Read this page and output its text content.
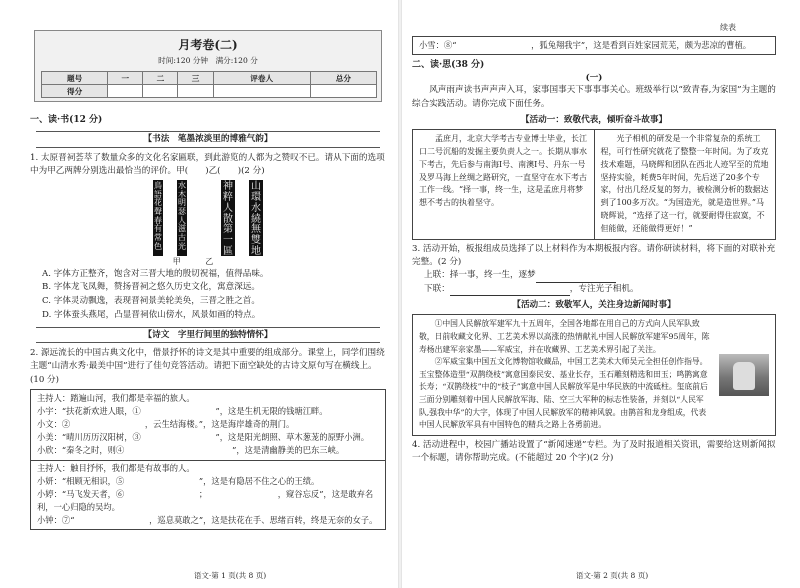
月考卷(二)
时间:120 分钟　满分:120 分
题号	一	二	三	评卷人	总分
得分					
一、读·书(12 分)
【书法　笔墨浓淡里的博雅气韵】
1. 太原晋祠荟萃了数量众多的文化名家匾联，到此游览的人都为之赞叹不已。请从下面的选项中为甲乙两牌分别选出最恰当的评价。甲(　　)乙(　　)(2 分)
鳥語花聲春有常色
水木明瑟人滋古光
神粹人散第一區
山環水繞無雙地
甲	乙
A. 字体方正整齐，饱含对三晋大地的殷切祝福，值得品味。
B. 字体龙飞凤舞，赞扬晋祠之悠久历史文化，寓意深远。
C. 字体灵动飘逸，表现晋祠景美轮美奂，三晋之胜之首。
D. 字体蚕头燕尾，凸显晋祠依山傍水，风景如画的特点。
【诗文　字里行间里的独特情怀】
2. 源远流长的中国古典文化中，借景抒怀的诗文是其中重要的组成部分。课堂上，同学们围绕主题“山清水秀·最美中国”进行了佳句竞答活动。请把下面空缺处的古诗文原句写在横线上。(10 分)
主持人：踏遍山河，我们都是幸福的旅人。
小宇：“扶花新欢进人眼，①　　　　　　　　　”，这是生机无限的钱塘江畔。
小文：②　　　　　　　　　，云生结海楼。”，这是海岸雄奇的荆门。
小美：“晴川历历汉阳树，③　　　　　　　　　”，这是阳光朗照、草木葱茏的原野小洲。
小欣：“秦冬之时，则④　　　　　　　　　　　　　”，这是清幽静美的巴东三峡。
主持人：触目抒怀，我们都是有故事的人。
小妍：“相顾无相识，⑤　　　　　　　　　”，这是有隐居不住之心的王绩。
小婷：“马飞发天者，⑥　　　　　　　　　；　　　　　　　　　，窥谷忘反”，这是敢弃名利，一心归隐的吴均。
小钟：⑦“　　　　　　　　　，巡息莫敢之”，这是扶花在手、思绪百转，终是无奈的女子。
语文·第 1 页(共 8 页)
续表
小雪：⑧“　　　　　　　　　，狐兔翔我宇”，这是看到百姓家园荒芜，颇为悲凉的曹植。
二、读·思(38 分)
(一)
风声雨声读书声声声入耳，家事国事天下事事事关心。班级举行以“致青春,为家国”为主题的综合实践活动。请你完成下面任务。
【活动一：致敬代表，倾听奋斗故事】
孟庶月，北京大学考古专业博士毕业，长江口二号沉船的发掘主要负责人之一。长期从事水下考古，先后参与南海I号、南澳I号、丹东一号及罗马海上丝绸之路研究，一直坚守在水下考古工作一线。“择一事，终一生，这是孟庶月将梦想不考古的执着坚守。
光子相机的研发是一个非常复杂的系统工程，可行性研究就花了整整一年时间。为了攻克技术难题，马晓辉和团队在西北人迹罕至的荒地坚持实验，耗费5年时间，先后送了20多个专家，付出几经反复的努力，被检测分析的数据达到了100多万次。“为国造光，就是造世界。”马晓辉说，“选择了这一行，就要耐得住寂寞，不但能做，还能做得更好！”
3. 活动开始，板报组成员选择了以上材料作为本期板报内容。请你研读材料，将下面的对联补充完整。(2 分)
上联：择一事，终一生，逐梦
下联：	，专注光子相机。
【活动二：致敬军人，关注身边新闻时事】
①中国人民解放军建军九十五周年，全国各地都在用自己的方式向人民军队致敬，日前收藏文化界、工艺美术界以高涨的热情献礼中国人民解放军建军95周年，陈寿杨出建军亲家墨——军威宝，并在收藏界、工艺美术界引起了关注。
②军威宝集中国五文化博物馆收藏品，中国工艺美术大师吴元全担任创作指导。玉宝整体造型“双鹊绕枝”寓意国泰民安、基业长存，玉石雕刻精选和田玉；鸣鹊寓意长寿；“双鹊绕枝”中的“枝子”寓意中国人民解放军是中华民族的中流砥柱。玺底前后三面分别雕刻着中国人民解放军海、陆、空三大军种的标志性装备，并刻以“人民军队,强我中华”的大字，体现了中国人民解放军的精神风貌。由鹊首和龙身组成，代表中国人民解放军具有中国特色的精兵之路上各勇前进。
4. 活动进程中，校园广播站设置了“新闻速递”专栏。为了及时报道相关资讯，需要给这则新闻拟一个标题，请你帮助完成。(不能超过 20 个字)(2 分)
语文·第 2 页(共 8 页)
